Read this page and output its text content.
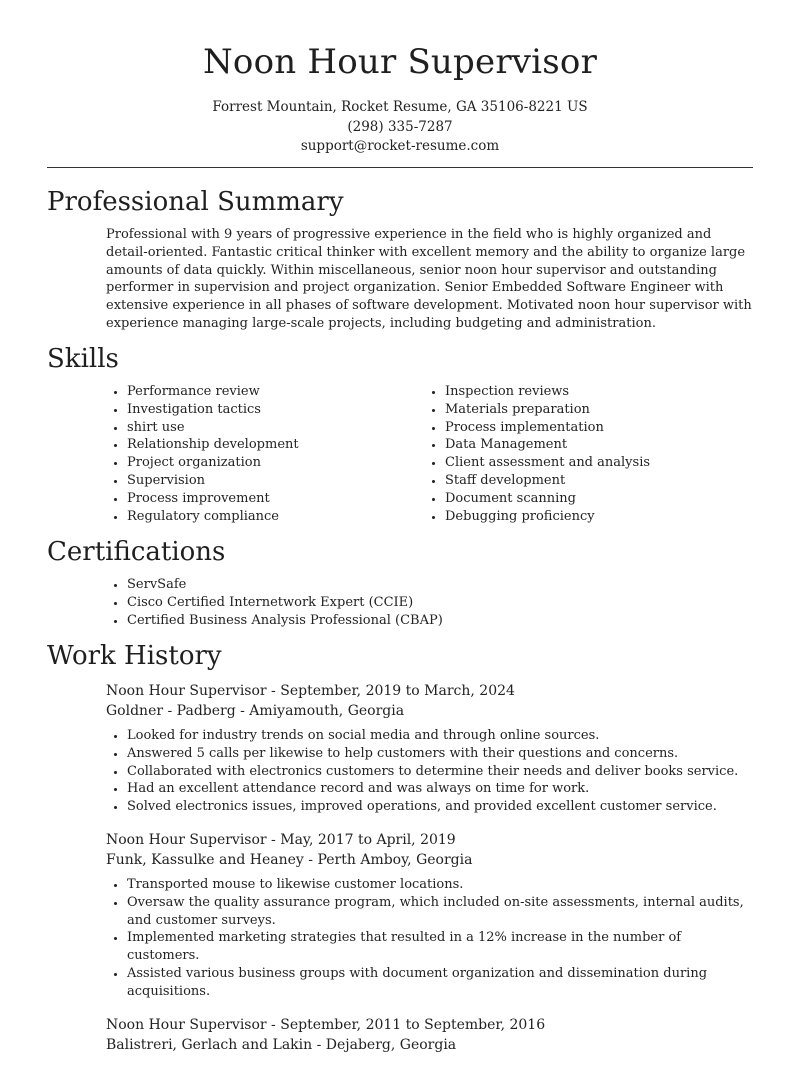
Noon Hour Supervisor
Forrest Mountain, Rocket Resume, GA 35106-8221 US
(298) 335-7287
support@rocket-resume.com
Professional Summary
Professional with 9 years of progressive experience in the field who is highly organized and detail-oriented. Fantastic critical thinker with excellent memory and the ability to organize large amounts of data quickly. Within miscellaneous, senior noon hour supervisor and outstanding performer in supervision and project organization. Senior Embedded Software Engineer with extensive experience in all phases of software development. Motivated noon hour supervisor with experience managing large-scale projects, including budgeting and administration.
Skills
• Performance review
• Investigation tactics
• shirt use
• Relationship development
• Project organization
• Supervision
• Process improvement
• Regulatory compliance
• Inspection reviews
• Materials preparation
• Process implementation
• Data Management
• Client assessment and analysis
• Staff development
• Document scanning
• Debugging proficiency
Certifications
• ServSafe
• Cisco Certified Internetwork Expert (CCIE)
• Certified Business Analysis Professional (CBAP)
Work History
Noon Hour Supervisor - September, 2019 to March, 2024
Goldner - Padberg - Amiyamouth, Georgia
• Looked for industry trends on social media and through online sources.
• Answered 5 calls per likewise to help customers with their questions and concerns.
• Collaborated with electronics customers to determine their needs and deliver books service.
• Had an excellent attendance record and was always on time for work.
• Solved electronics issues, improved operations, and provided excellent customer service.
Noon Hour Supervisor - May, 2017 to April, 2019
Funk, Kassulke and Heaney - Perth Amboy, Georgia
• Transported mouse to likewise customer locations.
• Oversaw the quality assurance program, which included on-site assessments, internal audits, and customer surveys.
• Implemented marketing strategies that resulted in a 12% increase in the number of customers.
• Assisted various business groups with document organization and dissemination during acquisitions.
Noon Hour Supervisor - September, 2011 to September, 2016
Balistreri, Gerlach and Lakin - Dejaberg, Georgia
